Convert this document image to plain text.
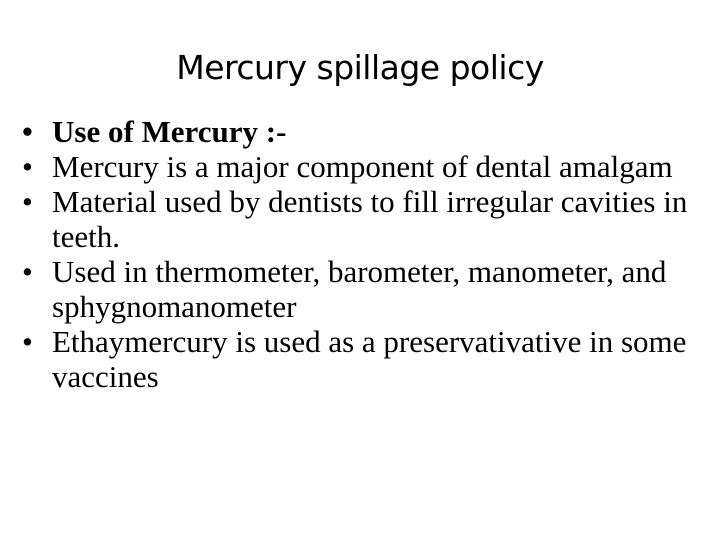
Mercury spillage policy
• Use of Mercury :-
• Mercury is a major component of dental amalgam
• Material used by dentists to fill irregular cavities in teeth.
• Used in thermometer, barometer, manometer, and sphygnomanometer
• Ethaymercury is used as a preservativative in some vaccines
